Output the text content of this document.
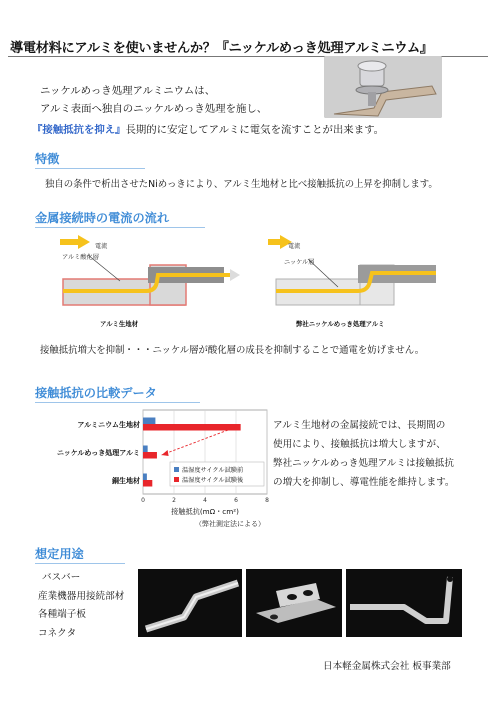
導電材料にアルミを使いませんか？『ニッケルめっき処理アルミニウム』
ニッケルめっき処理アルミニウムは、
アルミ表面へ独自のニッケルめっき処理を施し、
『接触抵抗を抑え』長期的に安定してアルミに電気を流すことが出来ます。
特徴
独自の条件で析出させたNiめっきにより、アルミ生地材と比べ接触抵抗の上昇を抑制します。
金属接続時の電流の流れ
電流
アルミ酸化層
アルミ生地材
電流
ニッケル層
弊社ニッケルめっき処理アルミ
接触抵抗増大を抑制・・・ニッケル層が酸化層の成長を抑制することで通電を妨げません。
接触抵抗の比較データ
0	2	4	6	8
アルミニウム生地材
ニッケルめっき処理アルミ
銅生地材
温湿度サイクル試験前
温湿度サイクル試験後
接触抵抗(mΩ・cm²)
アルミ生地材の金属接続では、長期間の
使用により、接触抵抗は増大しますが、
弊社ニッケルめっき処理アルミは接触抵抗
の増大を抑制し、導電性能を維持します。
（弊社測定法による）
想定用途
バスバー
産業機器用接続部材
各種端子板
コネクタ
日本軽金属株式会社 板事業部
